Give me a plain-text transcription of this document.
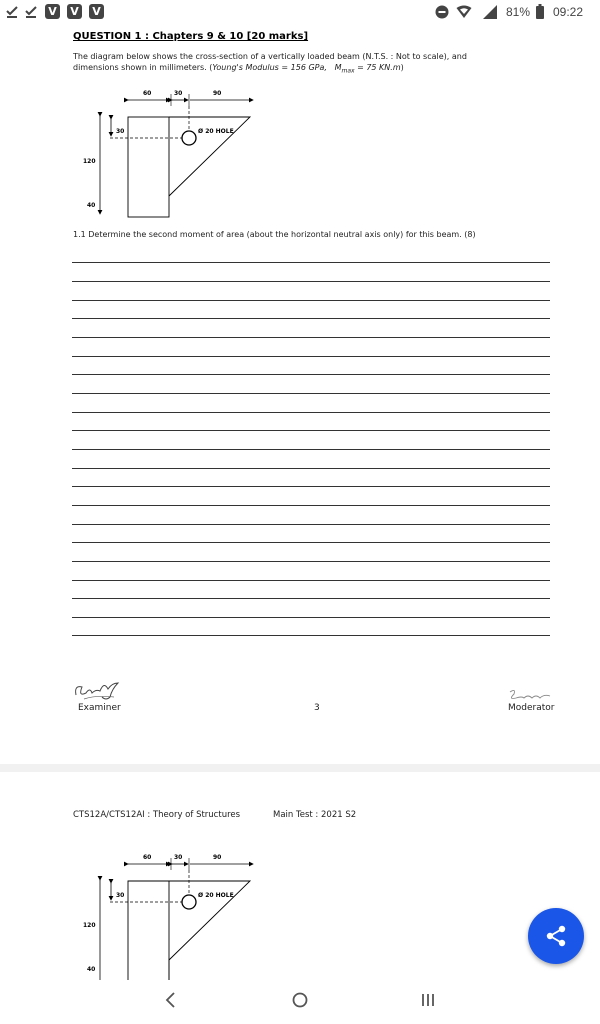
V V V	81% 09:22
QUESTION 1 : Chapters 9 & 10 [20 marks]
The diagram below shows the cross-section of a vertically loaded beam (N.T.S. : Not to scale), and
dimensions shown in millimeters. (Young's Modulus = 156 GPa, $M_{max} = 75$ KN.m)
60	30	90
Ø 20 HOLE
30
120
40
1.1 Determine the second moment of area (about the horizontal neutral axis only) for this beam. (8)
Examiner	3	Moderator
CTS12A/CTS12AI : Theory of Structures	Main Test : 2021 S2
60	30	90
Ø 20 HOLE
30
120
40
